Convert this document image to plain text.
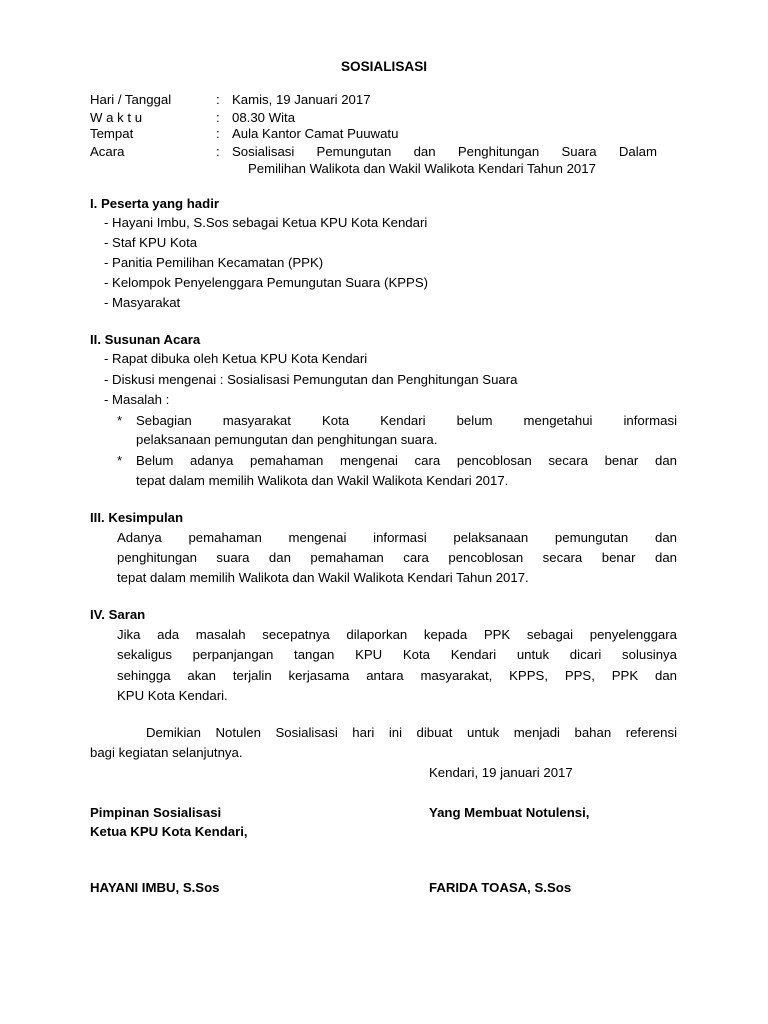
SOSIALISASI
Hari / Tanggal	: Kamis, 19 Januari 2017
W a k t u	: 08.30 Wita
Tempat	: Aula Kantor Camat Puuwatu
Acara	: Sosialisasi Pemungutan dan Penghitungan Suara Dalam
Pemilihan Walikota dan Wakil Walikota Kendari Tahun 2017
I. Peserta yang hadir
- Hayani Imbu, S.Sos sebagai Ketua KPU Kota Kendari
- Staf KPU Kota
- Panitia Pemilihan Kecamatan (PPK)
- Kelompok Penyelenggara Pemungutan Suara (KPPS)
- Masyarakat
II. Susunan Acara
- Rapat dibuka oleh Ketua KPU Kota Kendari
- Diskusi mengenai : Sosialisasi Pemungutan dan Penghitungan Suara
- Masalah :
* Sebagian masyarakat Kota Kendari belum mengetahui informasi
pelaksanaan pemungutan dan penghitungan suara.
* Belum adanya pemahaman mengenai cara pencoblosan secara benar dan
tepat dalam memilih Walikota dan Wakil Walikota Kendari 2017.
III. Kesimpulan
Adanya pemahaman mengenai informasi pelaksanaan pemungutan dan
penghitungan suara dan pemahaman cara pencoblosan secara benar dan
tepat dalam memilih Walikota dan Wakil Walikota Kendari Tahun 2017.
IV. Saran
Jika ada masalah secepatnya dilaporkan kepada PPK sebagai penyelenggara
sekaligus perpanjangan tangan KPU Kota Kendari untuk dicari solusinya
sehingga akan terjalin kerjasama antara masyarakat, KPPS, PPS, PPK dan
KPU Kota Kendari.
Demikian Notulen Sosialisasi hari ini dibuat untuk menjadi bahan referensi
bagi kegiatan selanjutnya.
Kendari, 19 januari 2017
Pimpinan Sosialisasi
Ketua KPU Kota Kendari,
Yang Membuat Notulensi,
HAYANI IMBU, S.Sos	FARIDA TOASA, S.Sos
